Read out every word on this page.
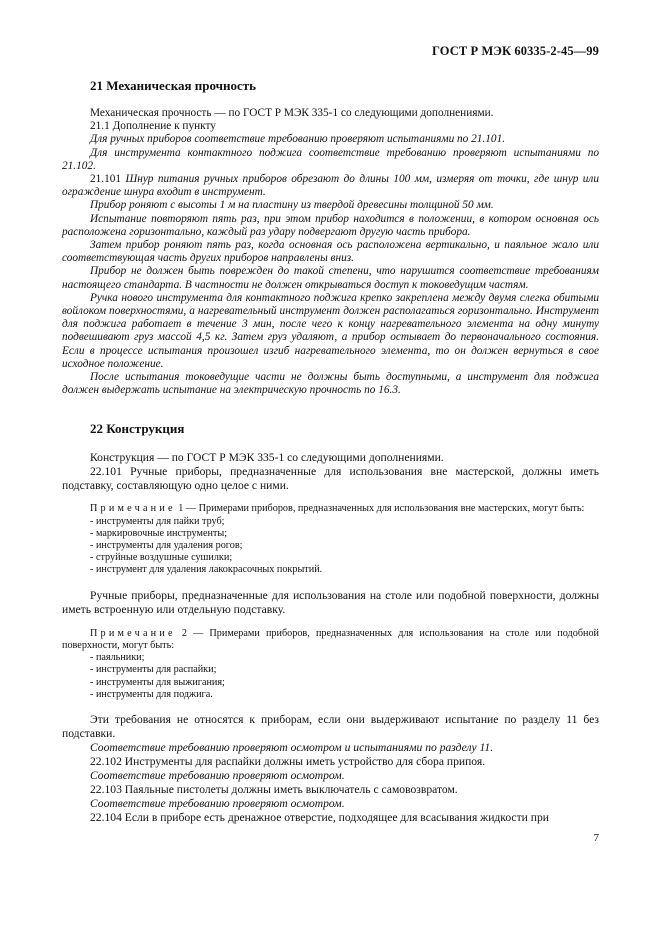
ГОСТ Р МЭК 60335-2-45—99

21 Механическая прочность

Механическая прочность — по ГОСТ Р МЭК 335-1 со следующими дополнениями.

21.1 Дополнение к пункту

Для ручных приборов соответствие требованию проверяют испытаниями по 21.101.

Для инструмента контактного поджига соответствие требованию проверяют испытаниями по 21.102.

21.101 Шнур питания ручных приборов обрезают до длины 100 мм, измеряя от точки, где шнур или ограждение шнура входит в инструмент.

Прибор роняют с высоты 1 м на пластину из твердой древесины толщиной 50 мм.

Испытание повторяют пять раз, при этом прибор находится в положении, в котором основная ось расположена горизонтально, каждый раз удару подвергают другую часть прибора.

Затем прибор роняют пять раз, когда основная ось расположена вертикально, и паяльное жало или соответствующая часть других приборов направлены вниз.

Прибор не должен быть поврежден до такой степени, что нарушится соответствие требованиям настоящего стандарта. В частности не должен открываться доступ к токоведущим частям.

Ручка нового инструмента для контактного поджига крепко закреплена между двумя слегка обитыми войлоком поверхностями, а нагревательный инструмент должен располагаться горизонтально. Инструмент для поджига работает в течение 3 мин, после чего к концу нагревательного элемента на одну минуту подвешивают груз массой 4,5 кг. Затем груз удаляют, а прибор остывает до первоначального состояния. Если в процессе испытания произошел изгиб нагревательного элемента, то он должен вернуться в свое исходное положение.

После испытания токоведущие части не должны быть доступными, а инструмент для поджига должен выдержать испытание на электрическую прочность по 16.3.

22 Конструкция

Конструкция — по ГОСТ Р МЭК 335-1 со следующими дополнениями.

22.101 Ручные приборы, предназначенные для использования вне мастерской, должны иметь подставку, составляющую одно целое с ними.

Примечание 1 — Примерами приборов, предназначенных для использования вне мастерских, могут быть:

- инструменты для пайки труб;

- маркировочные инструменты;

- инструменты для удаления рогов;

- струйные воздушные сушилки;

- инструмент для удаления лакокрасочных покрытий.

Ручные приборы, предназначенные для использования на столе или подобной поверхности, должны иметь встроенную или отдельную подставку.

Примечание 2 — Примерами приборов, предназначенных для использования на столе или подобной поверхности, могут быть:

- паяльники;

- инструменты для распайки;

- инструменты для выжигания;

- инструменты для поджига.

Эти требования не относятся к приборам, если они выдерживают испытание по разделу 11 без подставки.

Соответствие требованию проверяют осмотром и испытаниями по разделу 11.

22.102 Инструменты для распайки должны иметь устройство для сбора припоя.

Соответствие требованию проверяют осмотром.

22.103 Паяльные пистолеты должны иметь выключатель с самовозвратом.

Соответствие требованию проверяют осмотром.

22.104 Если в приборе есть дренажное отверстие, подходящее для всасывания жидкости при

7
